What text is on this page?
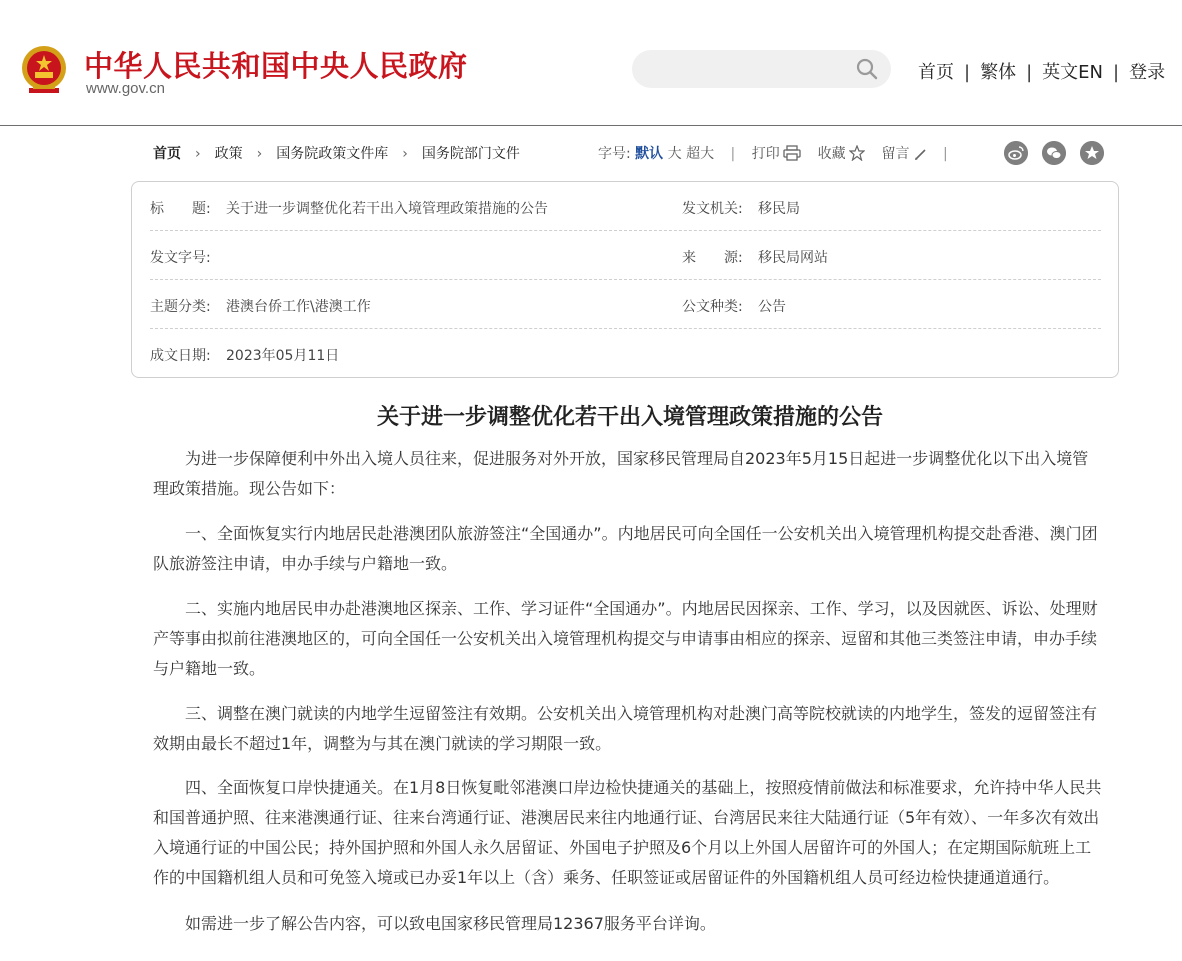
中华人民共和国中央人民政府
www.gov.cn
首页 | 繁体 | 英文EN | 登录
首页 › 政策 › 国务院政策文件库 › 国务院部门文件	字号: 默认 大 超大 | 打印	收藏	留言 |
标　　题: 关于进一步调整优化若干出入境管理政策措施的公告	发文机关: 移民局
发文字号:	来　　源: 移民局网站
主题分类: 港澳台侨工作\港澳工作	公文种类: 公告
成文日期: 2023年05月11日
关于进一步调整优化若干出入境管理政策措施的公告

为进一步保障便利中外出入境人员往来，促进服务对外开放，国家移民管理局自2023年5月15日起进一步调整优化以下出入境管理政策措施。现公告如下：

一、全面恢复实行内地居民赴港澳团队旅游签注“全国通办”。内地居民可向全国任一公安机关出入境管理机构提交赴香港、澳门团队旅游签注申请，申办手续与户籍地一致。

二、实施内地居民申办赴港澳地区探亲、工作、学习证件“全国通办”。内地居民因探亲、工作、学习，以及因就医、诉讼、处理财产等事由拟前往港澳地区的，可向全国任一公安机关出入境管理机构提交与申请事由相应的探亲、逗留和其他三类签注申请，申办手续与户籍地一致。

三、调整在澳门就读的内地学生逗留签注有效期。公安机关出入境管理机构对赴澳门高等院校就读的内地学生，签发的逗留签注有效期由最长不超过1年，调整为与其在澳门就读的学习期限一致。

四、全面恢复口岸快捷通关。在1月8日恢复毗邻港澳口岸边检快捷通关的基础上，按照疫情前做法和标准要求，允许持中华人民共和国普通护照、往来港澳通行证、往来台湾通行证、港澳居民来往内地通行证、台湾居民来往大陆通行证（5年有效）、一年多次有效出入境通行证的中国公民；持外国护照和外国人永久居留证、外国电子护照及6个月以上外国人居留许可的外国人；在定期国际航班上工作的中国籍机组人员和可免签入境或已办妥1年以上（含）乘务、任职签证或居留证件的外国籍机组人员可经边检快捷通道通行。

如需进一步了解公告内容，可以致电国家移民管理局12367服务平台详询。
